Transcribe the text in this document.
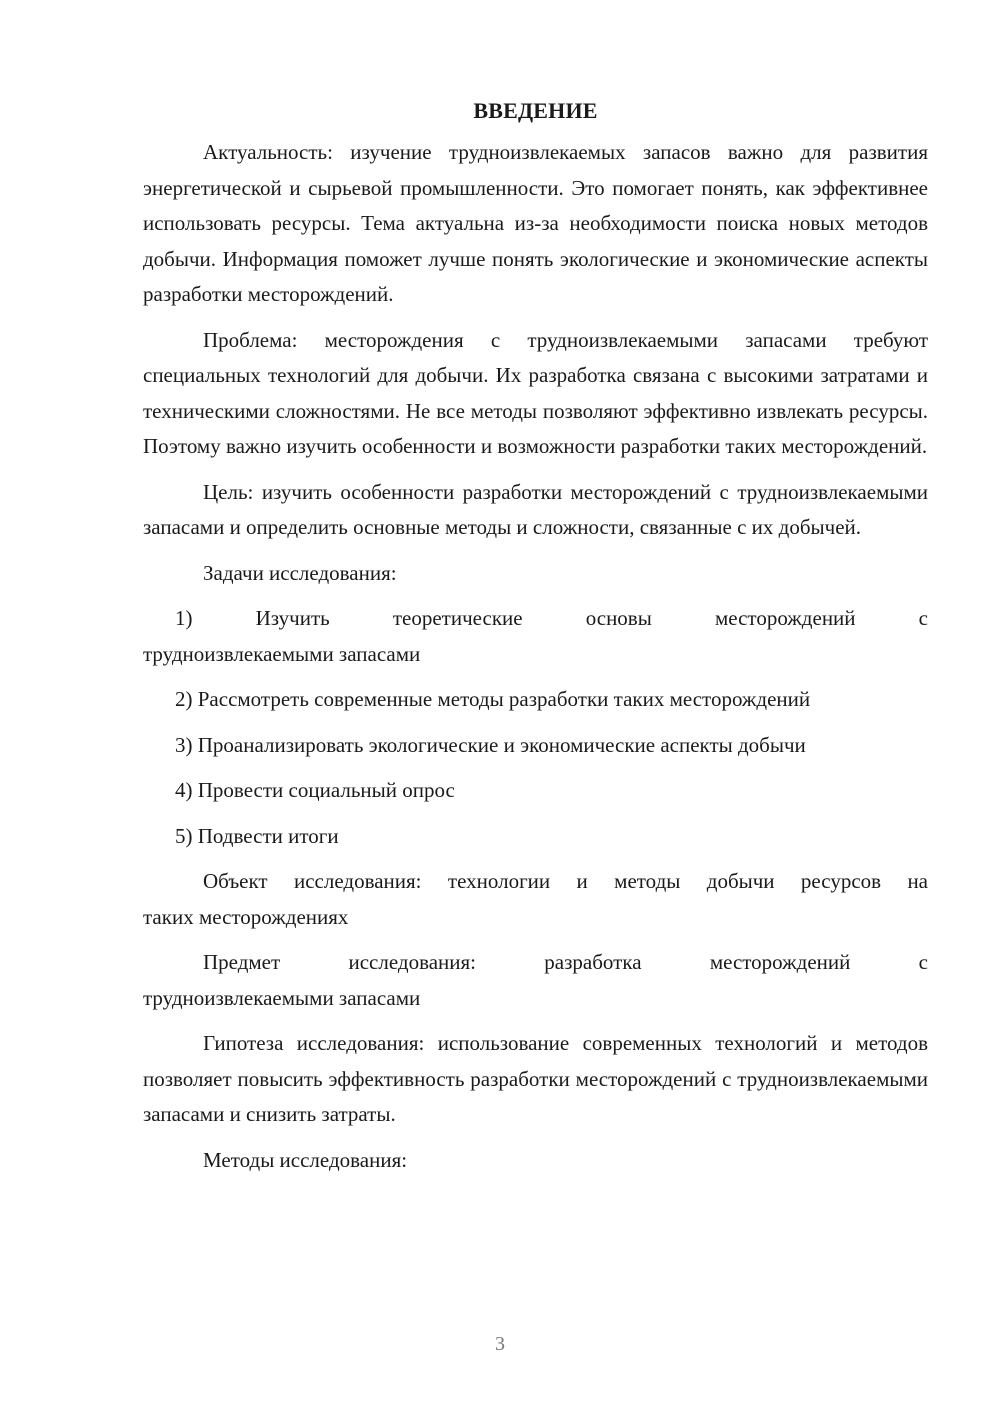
ВВЕДЕНИЕ

Актуальность: изучение трудноизвлекаемых запасов важно для развития энергетической и сырьевой промышленности. Это помогает понять, как эффективнее использовать ресурсы. Тема актуальна из-за необходимости поиска новых методов добычи. Информация поможет лучше понять экологические и экономические аспекты разработки месторождений.

Проблема: месторождения с трудноизвлекаемыми запасами требуют специальных технологий для добычи. Их разработка связана с высокими затратами и техническими сложностями. Не все методы позволяют эффективно извлекать ресурсы. Поэтому важно изучить особенности и возможности разработки таких месторождений.

Цель: изучить особенности разработки месторождений с трудноизвлекаемыми запасами и определить основные методы и сложности, связанные с их добычей.

Задачи исследования:

1) Изучить теоретические основы месторождений с
трудноизвлекаемыми запасами

2) Рассмотреть современные методы разработки таких месторождений

3) Проанализировать экологические и экономические аспекты добычи

4) Провести социальный опрос

5) Подвести итоги

Объект исследования: технологии и методы добычи ресурсов на
таких месторождениях
Предмет исследования: разработка месторождений с
трудноизвлекаемыми запасами

Гипотеза исследования: использование современных технологий и методов позволяет повысить эффективность разработки месторождений с трудноизвлекаемыми запасами и снизить затраты.

Методы исследования:

3
